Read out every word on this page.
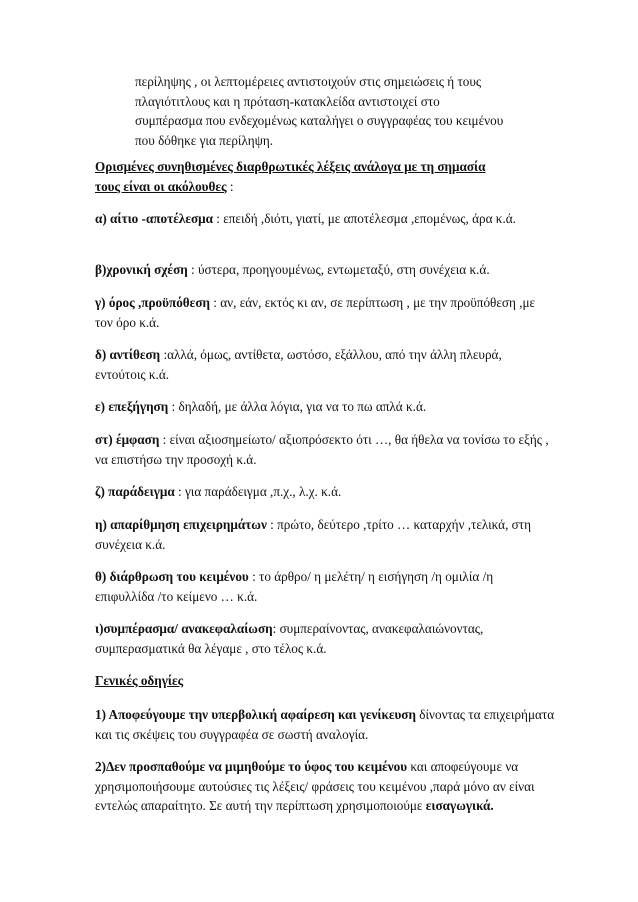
περίληψης , οι λεπτομέρειες αντιστοιχούν στις σημειώσεις ή τους
πλαγιότιτλους και η πρόταση-κατακλείδα αντιστοιχεί στο
συμπέρασμα που ενδεχομένως καταλήγει ο συγγραφέας του κειμένου
που δόθηκε για περίληψη.

Ορισμένες συνηθισμένες διαρθρωτικές λέξεις ανάλογα με τη σημασία
τους είναι οι ακόλουθες :

α) αίτιο -αποτέλεσμα : επειδή ,διότι, γιατί, με αποτέλεσμα ,επομένως, άρα κ.ά.

β)χρονική σχέση : ύστερα, προηγουμένως, εντωμεταξύ, στη συνέχεια κ.ά.

γ) όρος ,προϋπόθεση : αν, εάν, εκτός κι αν, σε περίπτωση , με την προϋπόθεση ,με τον όρο κ.ά.

δ) αντίθεση :αλλά, όμως, αντίθετα, ωστόσο, εξάλλου, από την άλλη πλευρά, εντούτοις κ.ά.

ε) επεξήγηση : δηλαδή, με άλλα λόγια, για να το πω απλά κ.ά.

στ) έμφαση : είναι αξιοσημείωτο/ αξιοπρόσεκτο ότι …, θα ήθελα να τονίσω το εξής , να επιστήσω την προσοχή κ.ά.

ζ) παράδειγμα : για παράδειγμα ,π.χ., λ.χ. κ.ά.

η) απαρίθμηση επιχειρημάτων : πρώτο, δεύτερο ,τρίτο … καταρχήν ,τελικά, στη συνέχεια κ.ά.

θ) διάρθρωση του κειμένου : το άρθρο/ η μελέτη/ η εισήγηση /η ομιλία /η επιφυλλίδα /το κείμενο … κ.ά.

ι)συμπέρασμα/ ανακεφαλαίωση: συμπεραίνοντας, ανακεφαλαιώνοντας, συμπερασματικά θα λέγαμε , στο τέλος κ.ά.

Γενικές οδηγίες

1) Αποφεύγουμε την υπερβολική αφαίρεση και γενίκευση δίνοντας τα επιχειρήματα και τις σκέψεις του συγγραφέα σε σωστή αναλογία.

2)Δεν προσπαθούμε να μιμηθούμε το ύφος του κειμένου και αποφεύγουμε να χρησιμοποιήσουμε αυτούσιες τις λέξεις/ φράσεις του κειμένου ,παρά μόνο αν είναι εντελώς απαραίτητο. Σε αυτή την περίπτωση χρησιμοποιούμε εισαγωγικά.
